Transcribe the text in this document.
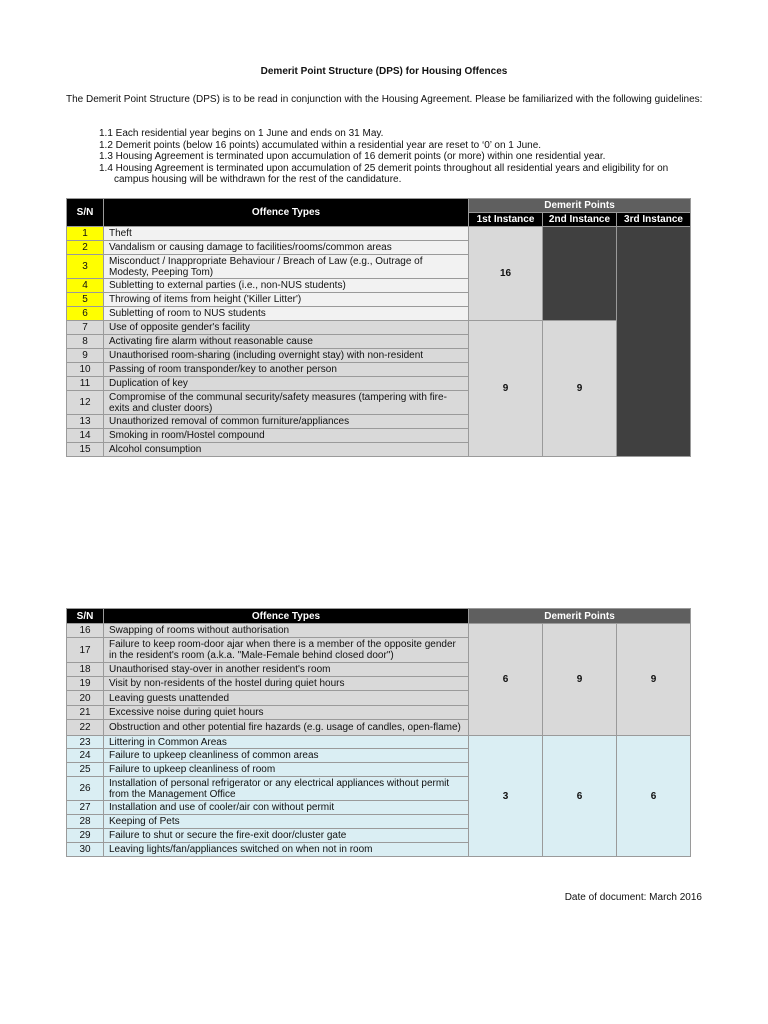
Demerit Point Structure (DPS) for Housing Offences
The Demerit Point Structure (DPS) is to be read in conjunction with the Housing Agreement. Please be familiarized with the following guidelines:
1.1 Each residential year begins on 1 June and ends on 31 May.
1.2 Demerit points (below 16 points) accumulated within a residential year are reset to ‘0’ on 1 June.
1.3 Housing Agreement is terminated upon accumulation of 16 demerit points (or more) within one residential year.
1.4 Housing Agreement is terminated upon accumulation of 25 demerit points throughout all residential years and eligibility for on campus housing will be withdrawn for the rest of the candidature.
S/N	Offence Types	Demerit Points		
		1st Instance	2nd Instance	3rd Instance
1	Theft	16		
2	Vandalism or causing damage to facilities/rooms/common areas			
3	Misconduct / Inappropriate Behaviour / Breach of Law (e.g., Outrage of Modesty, Peeping Tom)			
4	Subletting to external parties (i.e., non-NUS students)			
5	Throwing of items from height ('Killer Litter')			
6	Subletting of room to NUS students			
7	Use of opposite gender's facility	9	9	
8	Activating fire alarm without reasonable cause			
9	Unauthorised room-sharing (including overnight stay) with non-resident			
10	Passing of room transponder/key to another person			
11	Duplication of key			
12	Compromise of the communal security/safety measures (tampering with fire-exits and cluster doors)			
13	Unauthorized removal of common furniture/appliances			
14	Smoking in room/Hostel compound			
15	Alcohol consumption			
S/N	Offence Types	Demerit Points		
16	Swapping of rooms without authorisation	6	9	9
17	Failure to keep room-door ajar when there is a member of the opposite gender in the resident's room (a.k.a. "Male-Female behind closed door")			
18	Unauthorised stay-over in another resident's room			
19	Visit by non-residents of the hostel during quiet hours			
20	Leaving guests unattended			
21	Excessive noise during quiet hours			
22	Obstruction and other potential fire hazards (e.g. usage of candles, open-flame)			
23	Littering in Common Areas	3	6	6
24	Failure to upkeep cleanliness of common areas			
25	Failure to upkeep cleanliness of room			
26	Installation of personal refrigerator or any electrical appliances without permit from the Management Office			
27	Installation and use of cooler/air con without permit			
28	Keeping of Pets			
29	Failure to shut or secure the fire-exit door/cluster gate			
30	Leaving lights/fan/appliances switched on when not in room			
Date of document: March 2016
